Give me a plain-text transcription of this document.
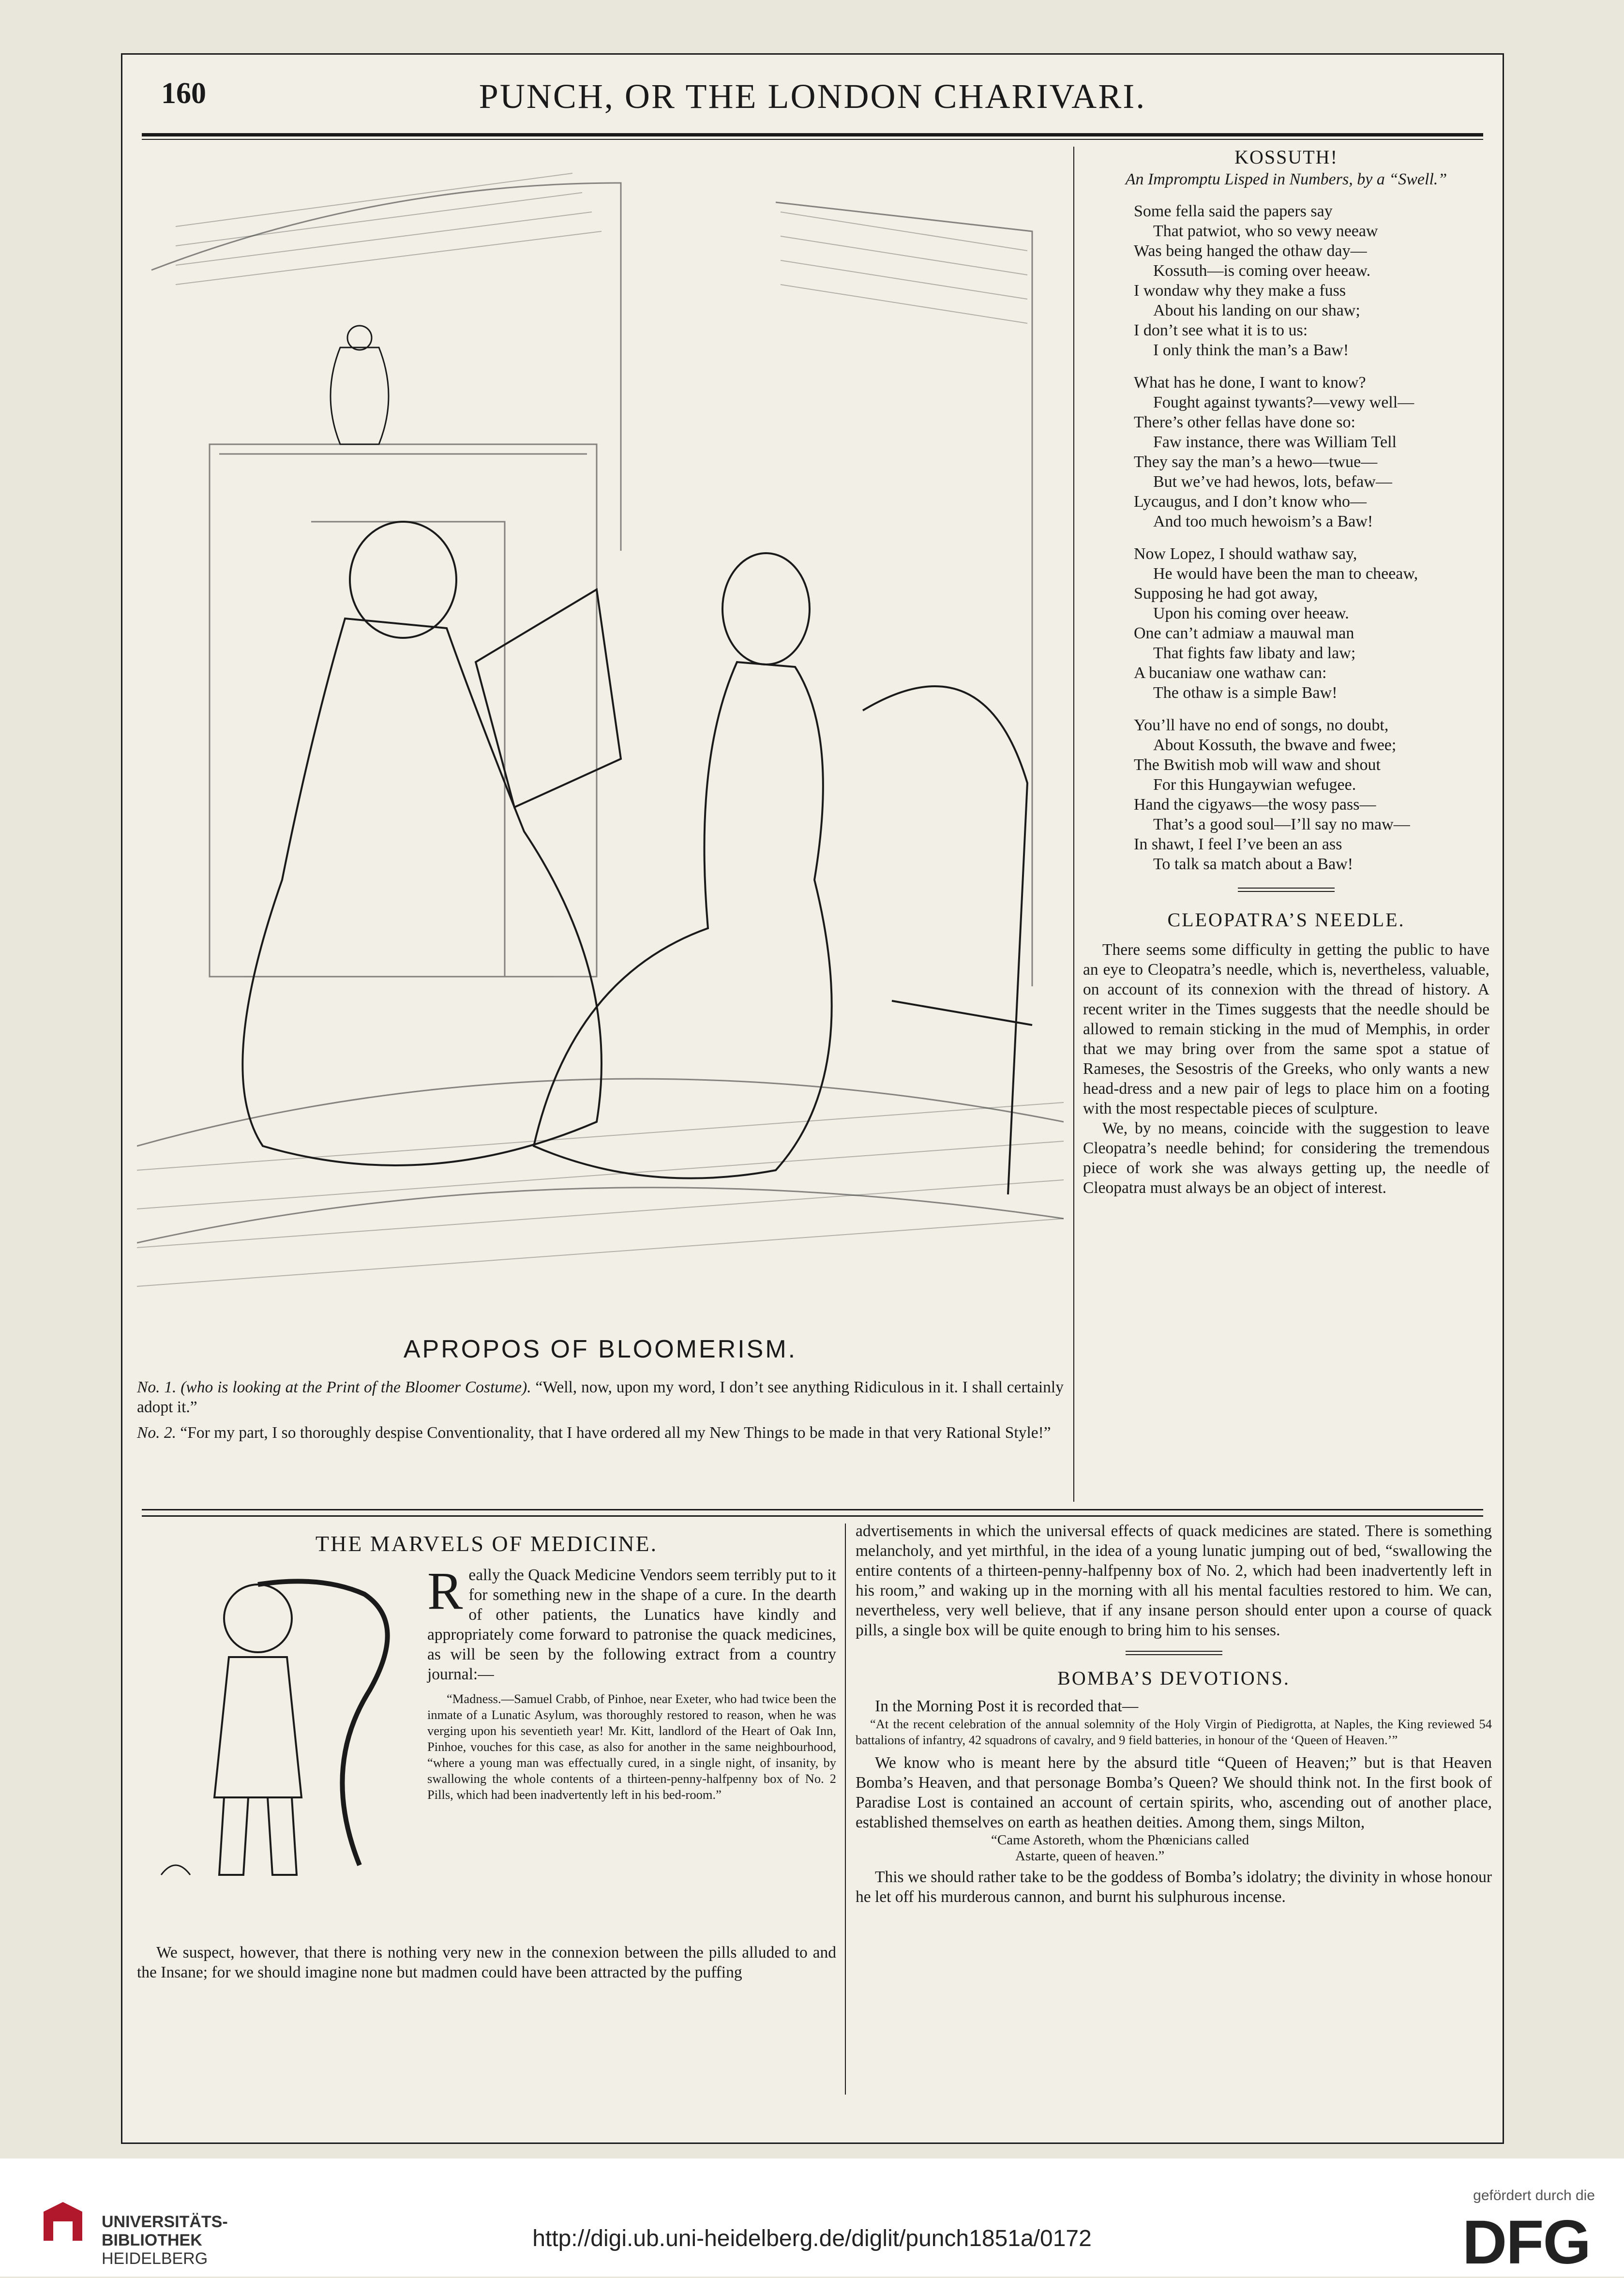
PUNCH, OR THE LONDON CHARIVARI.
160
APROPOS OF BLOOMERISM.
No. 1. (who is looking at the Print of the Bloomer Costume). “Well, now, upon my word, I don’t see anything Ridiculous in it. I shall certainly adopt it.”
No. 2. “For my part, I so thoroughly despise Conventionality, that I have ordered all my New Things to be made in that very Rational Style!”
KOSSUTH!
An Impromptu Lisped in Numbers, by a “Swell.”
Some fella said the papers say
That patwiot, who so vewy neeaw
Was being hanged the othaw day—
Kossuth—is coming over heeaw.
I wondaw why they make a fuss
About his landing on our shaw;
I don’t see what it is to us:
I only think the man’s a Baw!
What has he done, I want to know?
Fought against tywants?—vewy well—
There’s other fellas have done so:
Faw instance, there was William Tell
They say the man’s a hewo—twue—
But we’ve had hewos, lots, befaw—
Lycaugus, and I don’t know who—
And too much hewoism’s a Baw!
Now Lopez, I should wathaw say,
He would have been the man to cheeaw,
Supposing he had got away,
Upon his coming over heeaw.
One can’t admiaw a mauwal man
That fights faw libaty and law;
A bucaniaw one wathaw can:
The othaw is a simple Baw!
You’ll have no end of songs, no doubt,
About Kossuth, the bwave and fwee;
The Bwitish mob will waw and shout
For this Hungaywian wefugee.
Hand the cigyaws—the wosy pass—
That’s a good soul—I’ll say no maw—
In shawt, I feel I’ve been an ass
To talk sa match about a Baw!
CLEOPATRA’S NEEDLE.
There seems some difficulty in getting the public to have an eye to Cleopatra’s needle, which is, nevertheless, valuable, on account of its connexion with the thread of history. A recent writer in the Times suggests that the needle should be allowed to remain sticking in the mud of Memphis, in order that we may bring over from the same spot a statue of Rameses, the Sesostris of the Greeks, who only wants a new head-dress and a new pair of legs to place him on a footing with the most respectable pieces of sculpture.
We, by no means, coincide with the suggestion to leave Cleopatra’s needle behind; for considering the tremendous piece of work she was always getting up, the needle of Cleopatra must always be an object of interest.
THE MARVELS OF MEDICINE.
R eally the Quack Medicine Vendors seem terribly put to it for something new in the shape of a cure. In the dearth of other patients, the Lunatics have kindly and appropriately come forward to patronise the quack medicines, as will be seen by the following extract from a country journal:—
“Madness.—Samuel Crabb, of Pinhoe, near Exeter, who had twice been the inmate of a Lunatic Asylum, was thoroughly restored to reason, when he was verging upon his seventieth year! Mr. Kitt, landlord of the Heart of Oak Inn, Pinhoe, vouches for this case, as also for another in the same neighbourhood, “where a young man was effectually cured, in a single night, of insanity, by swallowing the whole contents of a thirteen-penny-halfpenny box of No. 2 Pills, which had been inadvertently left in his bed-room.”
We suspect, however, that there is nothing very new in the connexion between the pills alluded to and the Insane; for we should imagine none but madmen could have been attracted by the puffing
advertisements in which the universal effects of quack medicines are stated. There is something melancholy, and yet mirthful, in the idea of a young lunatic jumping out of bed, “swallowing the entire contents of a thirteen-penny-halfpenny box of No. 2, which had been inadvertently left in his room,” and waking up in the morning with all his mental faculties restored to him. We can, nevertheless, very well believe, that if any insane person should enter upon a course of quack pills, a single box will be quite enough to bring him to his senses.
BOMBA’S DEVOTIONS.
In the Morning Post it is recorded that—
“At the recent celebration of the annual solemnity of the Holy Virgin of Piedigrotta, at Naples, the King reviewed 54 battalions of infantry, 42 squadrons of cavalry, and 9 field batteries, in honour of the ‘Queen of Heaven.’”
We know who is meant here by the absurd title “Queen of Heaven;” but is that Heaven Bomba’s Heaven, and that personage Bomba’s Queen? We should think not. In the first book of Paradise Lost is contained an account of certain spirits, who, ascending out of another place, established themselves on earth as heathen deities. Among them, sings Milton,
“Came Astoreth, whom the Phœnicians called
Astarte, queen of heaven.”
This we should rather take to be the goddess of Bomba’s idolatry; the divinity in whose honour he let off his murderous cannon, and burnt his sulphurous incense.
UNIVERSITÄTS-
BIBLIOTHEK
HEIDELBERG
http://digi.ub.uni-heidelberg.de/diglit/punch1851a/0172
gefördert durch die
DFG
